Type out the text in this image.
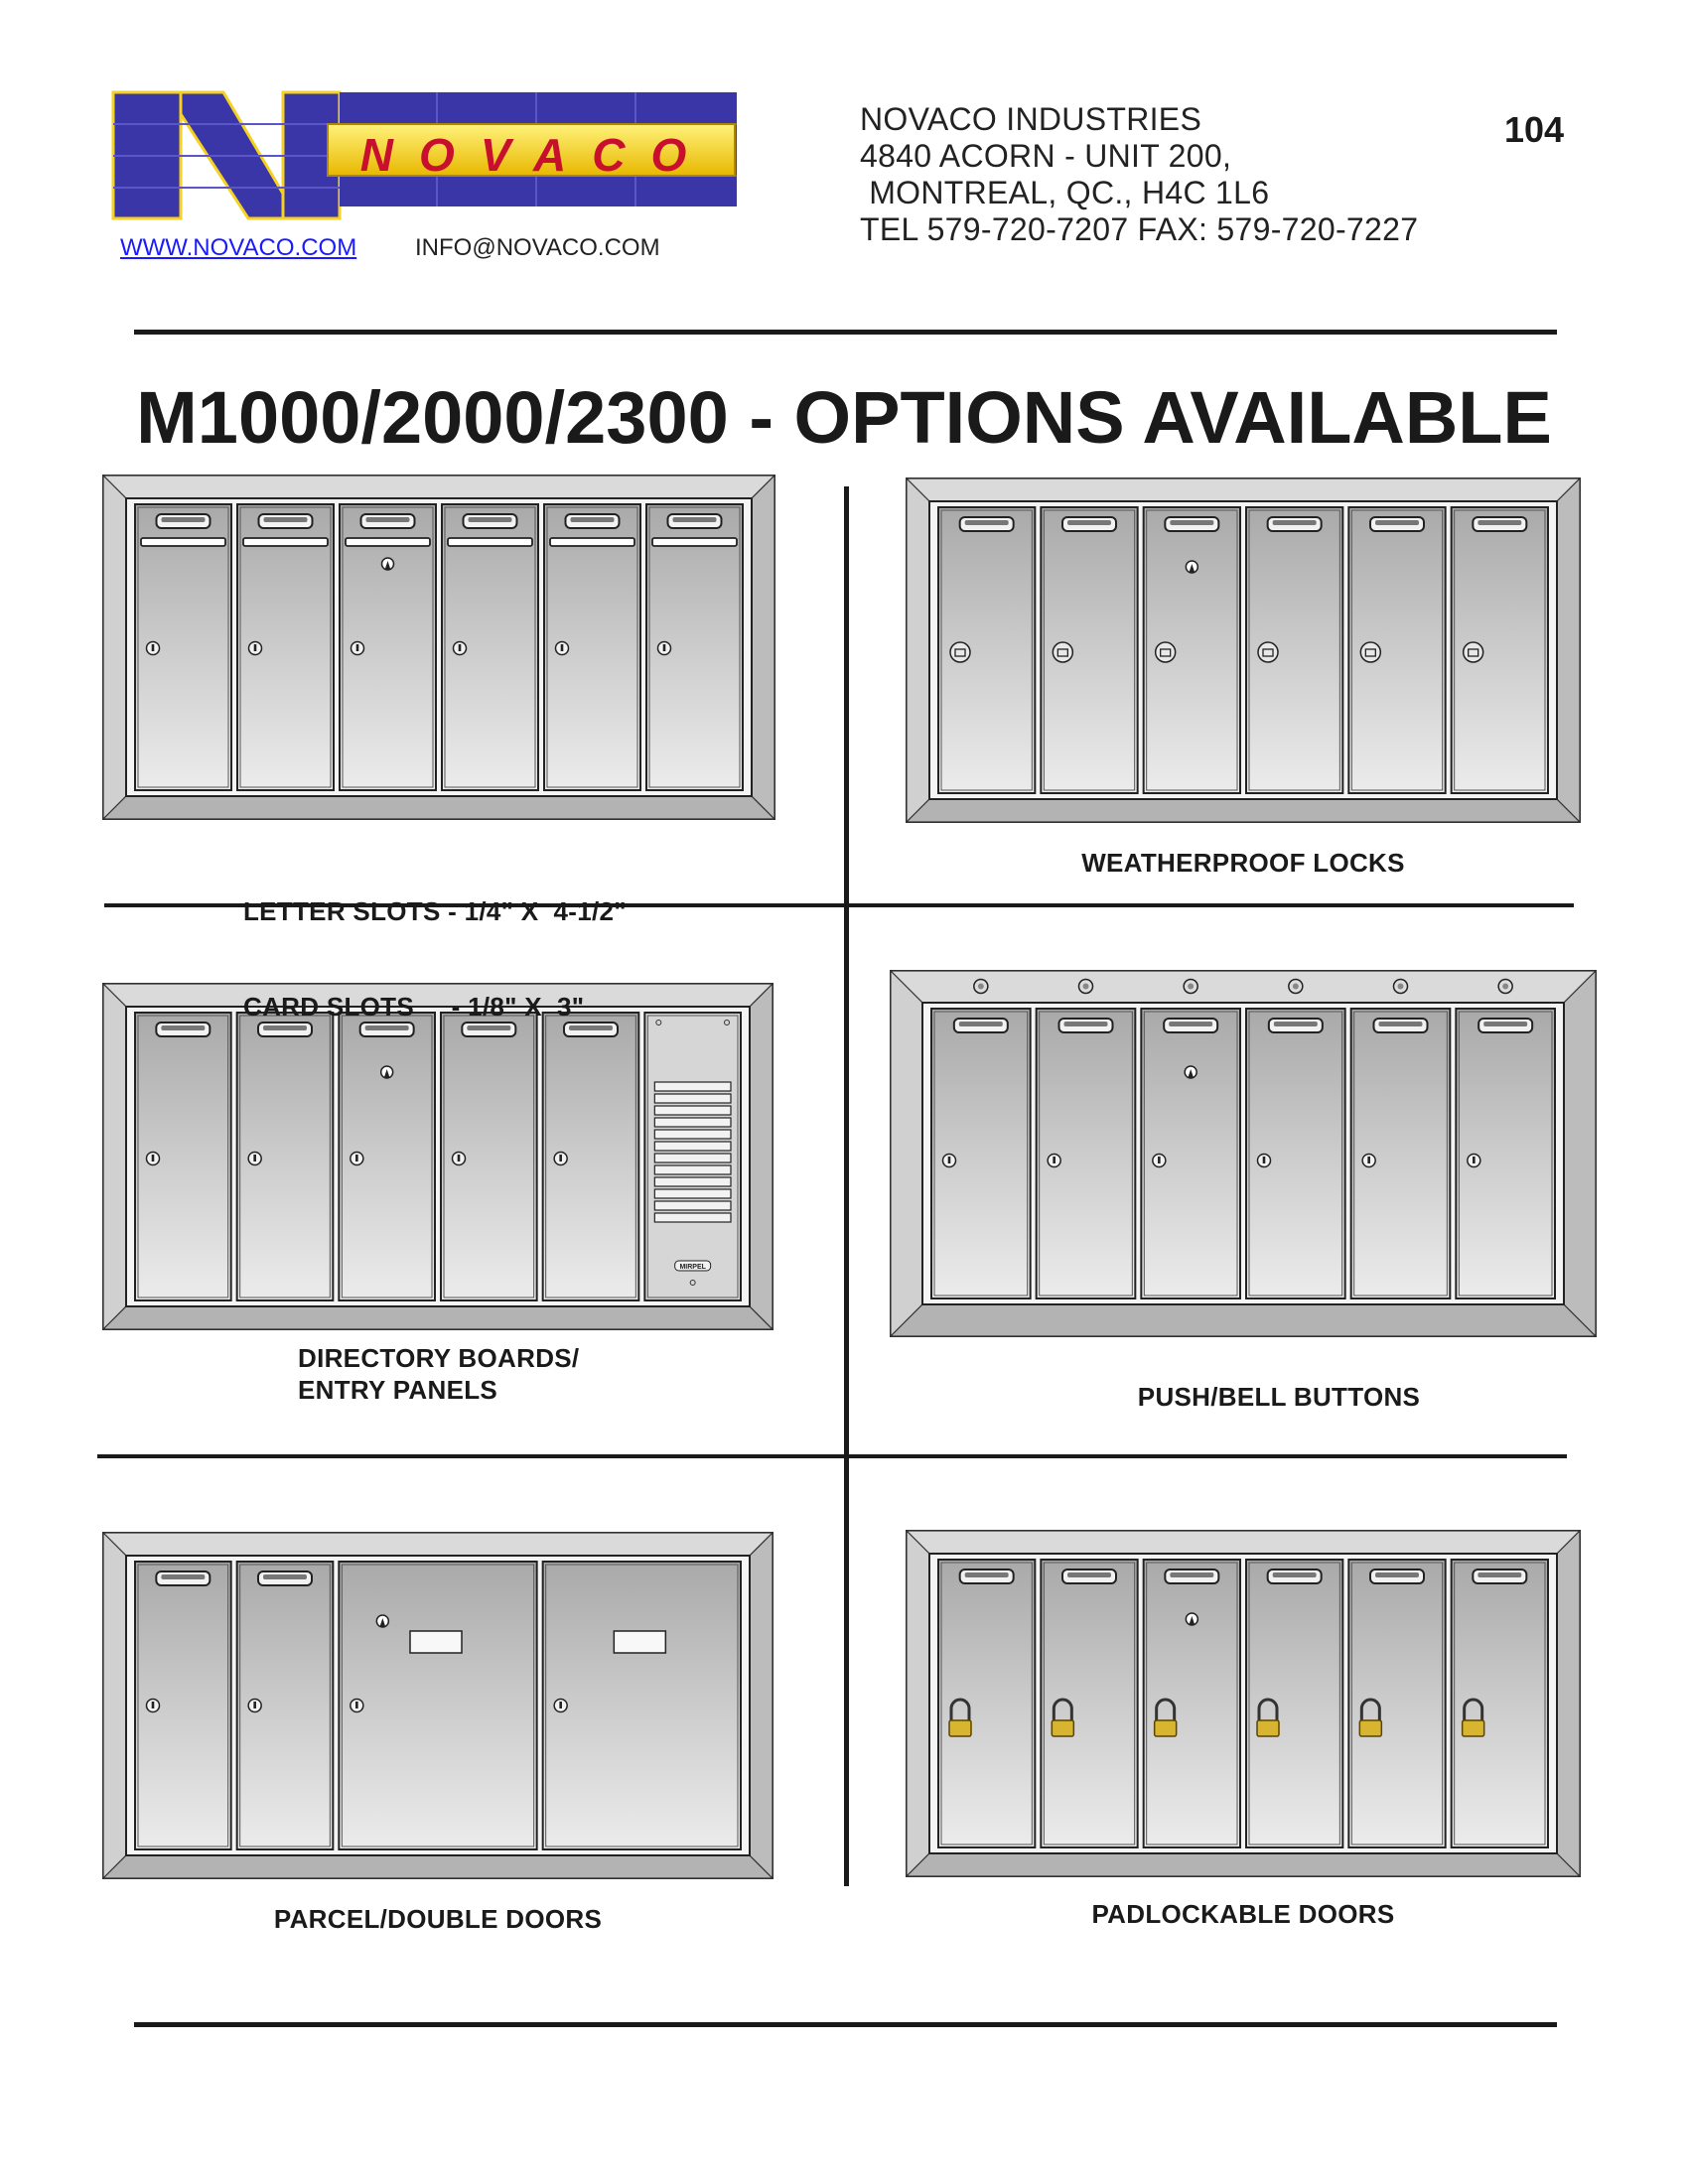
NOVACO
WWW.NOVACO.COM INFO@NOVACO.COM
NOVACO INDUSTRIES
4840 ACORN - UNIT 200,
MONTREAL, QC., H4C 1L6
TEL 579-720-7207 FAX: 579-720-7227
104
M1000/2000/2300 - OPTIONS AVAILABLE
MIRPEL

LETTER SLOTS - 1/4" X  4-1/2"

CARD SLOTS     - 1/8" X  3"

WEATHERPROOF LOCKS
DIRECTORY BOARDS/
ENTRY PANELS	PUSH/BELL BUTTONS
PARCEL/DOUBLE DOORS	PADLOCKABLE DOORS
